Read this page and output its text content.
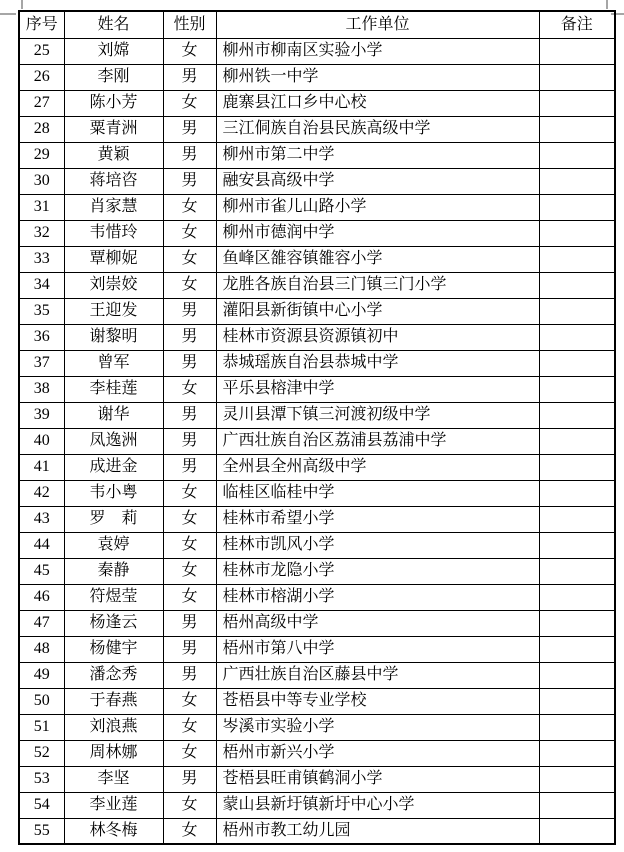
序号	姓名	性别	工作单位	备注
25	刘嫦	女	柳州市柳南区实验小学	
26	李刚	男	柳州铁一中学	
27	陈小芳	女	鹿寨县江口乡中心校	
28	粟青洲	男	三江侗族自治县民族高级中学	
29	黄颖	男	柳州市第二中学	
30	蒋培咨	男	融安县高级中学	
31	肖家慧	女	柳州市雀儿山路小学	
32	韦惜玲	女	柳州市德润中学	
33	覃柳妮	女	鱼峰区雒容镇雒容小学	
34	刘崇姣	女	龙胜各族自治县三门镇三门小学	
35	王迎发	男	灌阳县新街镇中心小学	
36	谢黎明	男	桂林市资源县资源镇初中	
37	曾军	男	恭城瑶族自治县恭城中学	
38	李桂莲	女	平乐县榕津中学	
39	谢华	男	灵川县潭下镇三河渡初级中学	
40	凤逸洲	男	广西壮族自治区荔浦县荔浦中学	
41	成进金	男	全州县全州高级中学	
42	韦小粤	女	临桂区临桂中学	
43	罗　莉	女	桂林市希望小学	
44	袁婷	女	桂林市凯风小学	
45	秦静	女	桂林市龙隐小学	
46	符煜莹	女	桂林市榕湖小学	
47	杨逢云	男	梧州高级中学	
48	杨健宇	男	梧州市第八中学	
49	潘念秀	男	广西壮族自治区藤县中学	
50	于春燕	女	苍梧县中等专业学校	
51	刘浪燕	女	岑溪市实验小学	
52	周林娜	女	梧州市新兴小学	
53	李坚	男	苍梧县旺甫镇鹤洞小学	
54	李业莲	女	蒙山县新圩镇新圩中心小学	
55	林冬梅	女	梧州市教工幼儿园	
